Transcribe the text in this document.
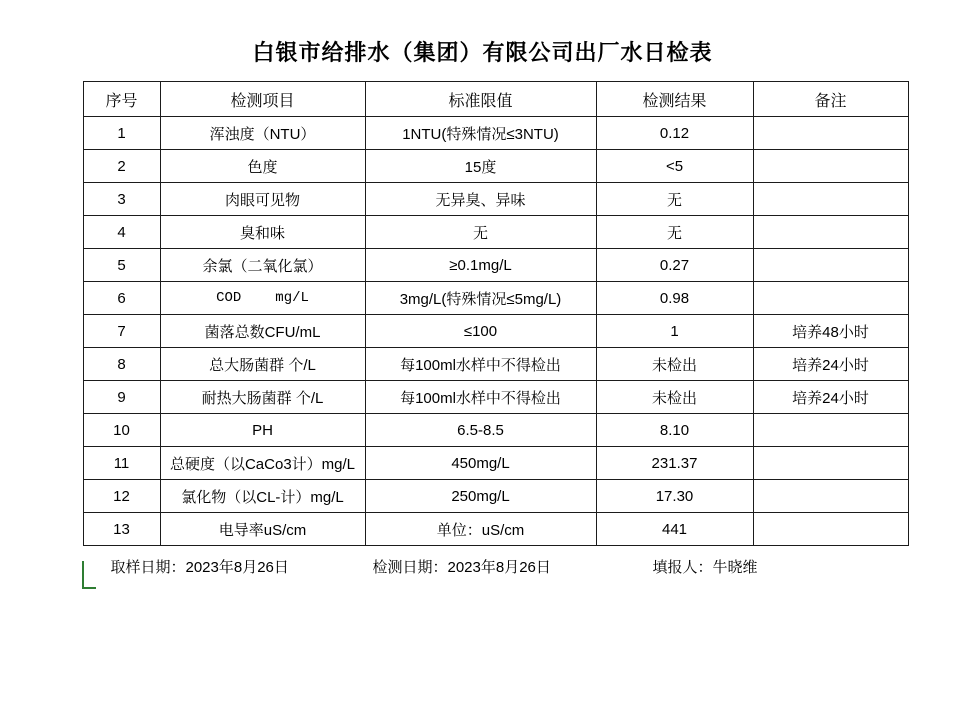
白银市给排水（集团）有限公司出厂水日检表
序号	检测项目	标准限值	检测结果	备注
1	浑浊度（NTU）	1NTU(特殊情况≤3NTU)	0.12	
2	色度	15度	<5	
3	肉眼可见物	无异臭、异味	无	
4	臭和味	无	无	
5	余氯（二氧化氯）	≥0.1mg/L	0.27	
6	COD mg/L	3mg/L(特殊情况≤5mg/L)	0.98	
7	菌落总数CFU/mL	≤100	1	培养48小时
8	总大肠菌群 个/L	每100ml水样中不得检出	未检出	培养24小时
9	耐热大肠菌群 个/L	每100ml水样中不得检出	未检出	培养24小时
10	PH	6.5-8.5	8.10	
11	总硬度（以CaCo3计）mg/L	450mg/L	231.37	
12	氯化物（以CL-计）mg/L	250mg/L	17.30	
13	电导率uS/cm	单位：uS/cm	441	
取样日期：2023年8月26日	检测日期：2023年8月26日	填报人：牛晓维
